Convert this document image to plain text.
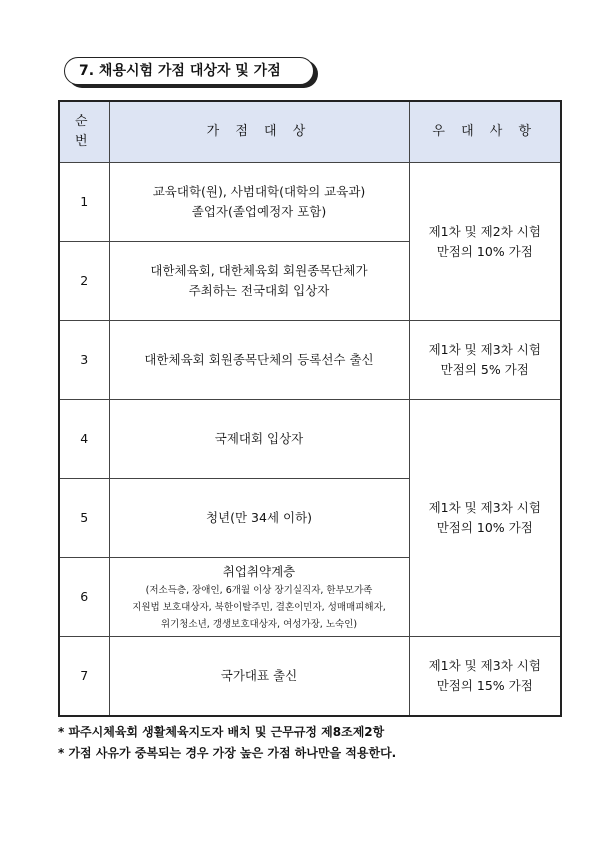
7. 채용시험 가점 대상자 및 가점
순 번	가 점 대 상	우 대 사 항
1	교육대학(원), 사범대학(대학의 교육과)
졸업자(졸업예정자 포함)	제1차 및 제2차 시험
만점의 10% 가점

2	대한체육회, 대한체육회 회원종목단체가
주최하는 전국대회 입상자	

3	대한체육회 회원종목단체의 등록선수 출신	제1차 및 제3차 시험
만점의 5% 가점

4	국제대회 입상자	제1차 및 제3차 시험
만점의 10% 가점

5	청년(만 34세 이하)	

6	취업취약계층
(저소득층, 장애인, 6개월 이상 장기실직자, 한부모가족
지원법 보호대상자, 북한이탈주민, 결혼이민자, 성매매피해자,
위기청소년, 갱생보호대상자, 여성가장, 노숙인)	

7	국가대표 출신	제1차 및 제3차 시험
만점의 15% 가점
* 파주시체육회 생활체육지도자 배치 및 근무규정 제8조제2항
* 가점 사유가 중복되는 경우 가장 높은 가점 하나만을 적용한다.
